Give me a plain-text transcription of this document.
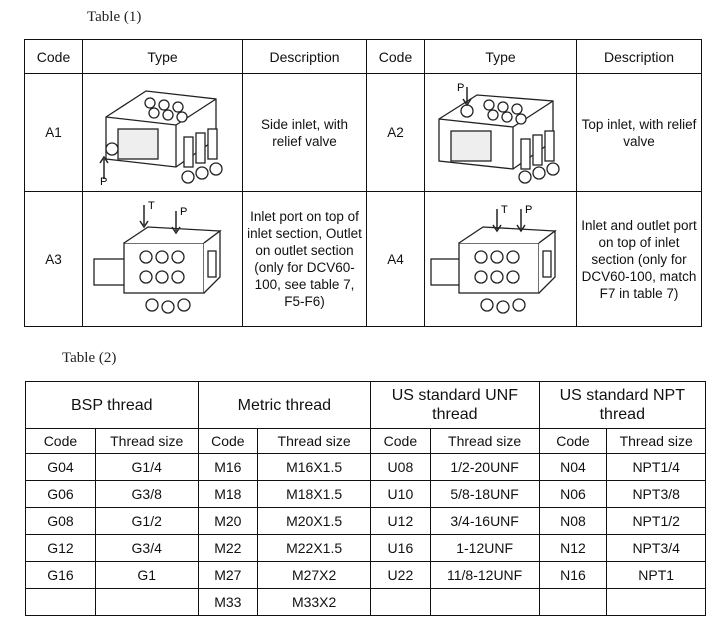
Table (1)
Code	Type	Description	Code	Type	Description
A1	P	Side inlet, with relief valve	A2	P	Top inlet, with relief valve
A3	T P	Inlet port on top of inlet section, Outlet on outlet section (only for DCV60-100, see table 7, F5-F6)	A4	T P	Inlet and outlet port on top of inlet section (only for DCV60-100, match F7 in table 7)
Table (2)
BSP thread		Metric thread		US standard UNF thread		US standard NPT thread	
Code	Thread size	Code	Thread size	Code	Thread size	Code	Thread size
G04	G1/4	M16	M16X1.5	U08	1/2-20UNF	N04	NPT1/4
G06	G3/8	M18	M18X1.5	U10	5/8-18UNF	N06	NPT3/8
G08	G1/2	M20	M20X1.5	U12	3/4-16UNF	N08	NPT1/2
G12	G3/4	M22	M22X1.5	U16	1-12UNF	N12	NPT3/4
G16	G1	M27	M27X2	U22	11/8-12UNF	N16	NPT1
		M33	M33X2				
